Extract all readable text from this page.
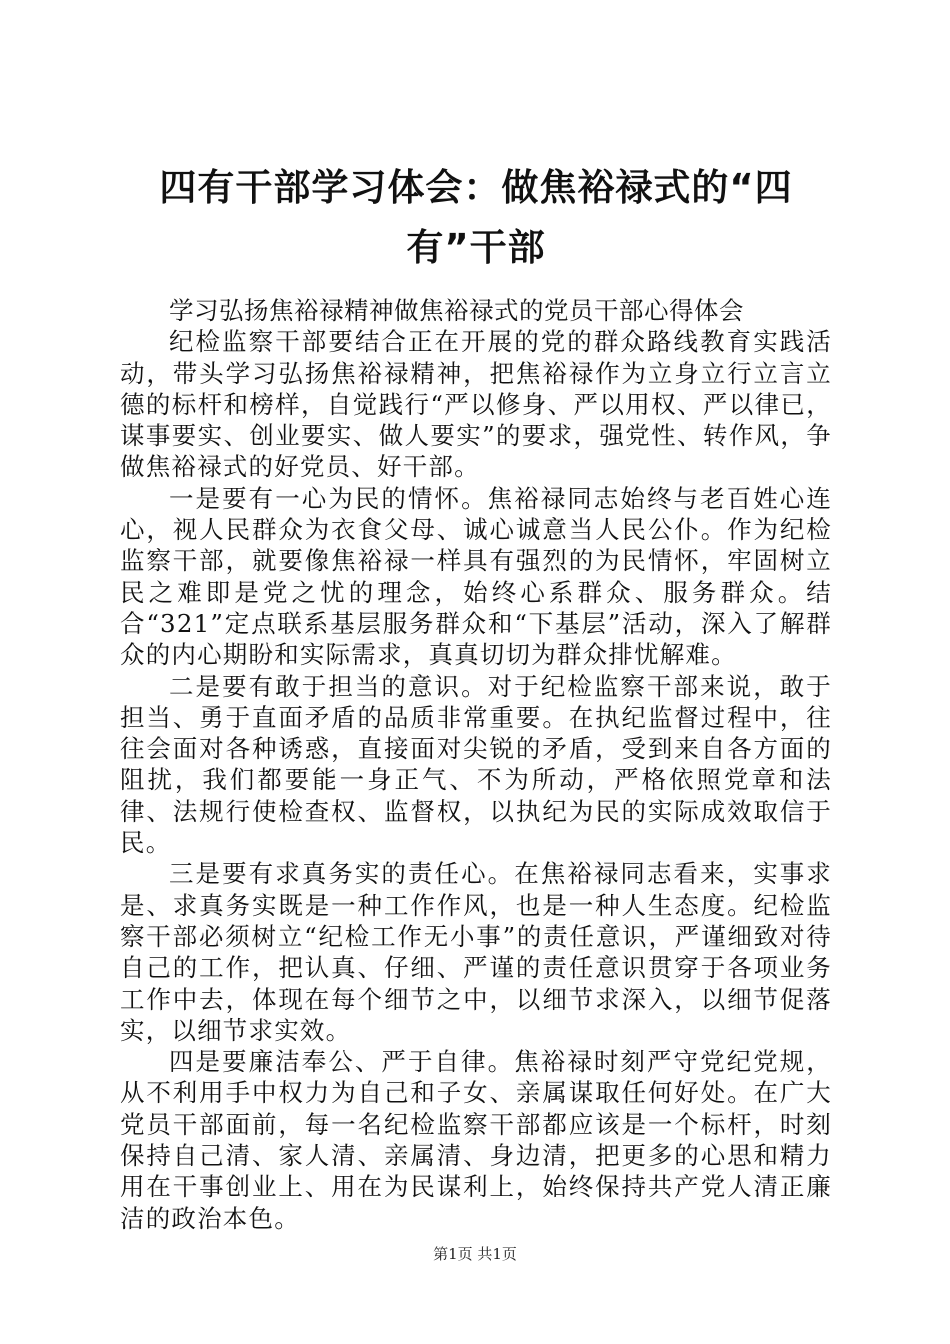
四有干部学习体会：做焦裕禄式的“四有”干部

学习弘扬焦裕禄精神做焦裕禄式的党员干部心得体会

纪检监察干部要结合正在开展的党的群众路线教育实践活动，带头学习弘扬焦裕禄精神，把焦裕禄作为立身立行立言立德的标杆和榜样，自觉践行“严以修身、严以用权、严以律已，谋事要实、创业要实、做人要实”的要求，强党性、转作风，争做焦裕禄式的好党员、好干部。

一是要有一心为民的情怀。焦裕禄同志始终与老百姓心连心，视人民群众为衣食父母、诚心诚意当人民公仆。作为纪检监察干部，就要像焦裕禄一样具有强烈的为民情怀，牢固树立民之难即是党之忧的理念，始终心系群众、服务群众。结合“321”定点联系基层服务群众和“下基层”活动，深入了解群众的内心期盼和实际需求，真真切切为群众排忧解难。

二是要有敢于担当的意识。对于纪检监察干部来说，敢于担当、勇于直面矛盾的品质非常重要。在执纪监督过程中，往往会面对各种诱惑，直接面对尖锐的矛盾，受到来自各方面的阻扰，我们都要能一身正气、不为所动，严格依照党章和法律、法规行使检查权、监督权，以执纪为民的实际成效取信于民。

三是要有求真务实的责任心。在焦裕禄同志看来，实事求是、求真务实既是一种工作作风，也是一种人生态度。纪检监察干部必须树立“纪检工作无小事”的责任意识，严谨细致对待自己的工作，把认真、仔细、严谨的责任意识贯穿于各项业务工作中去，体现在每个细节之中，以细节求深入，以细节促落实，以细节求实效。

四是要廉洁奉公、严于自律。焦裕禄时刻严守党纪党规，从不利用手中权力为自己和子女、亲属谋取任何好处。在广大党员干部面前，每一名纪检监察干部都应该是一个标杆，时刻保持自己清、家人清、亲属清、身边清，把更多的心思和精力用在干事创业上、用在为民谋利上，始终保持共产党人清正廉洁的政治本色。

第1页 共1页
